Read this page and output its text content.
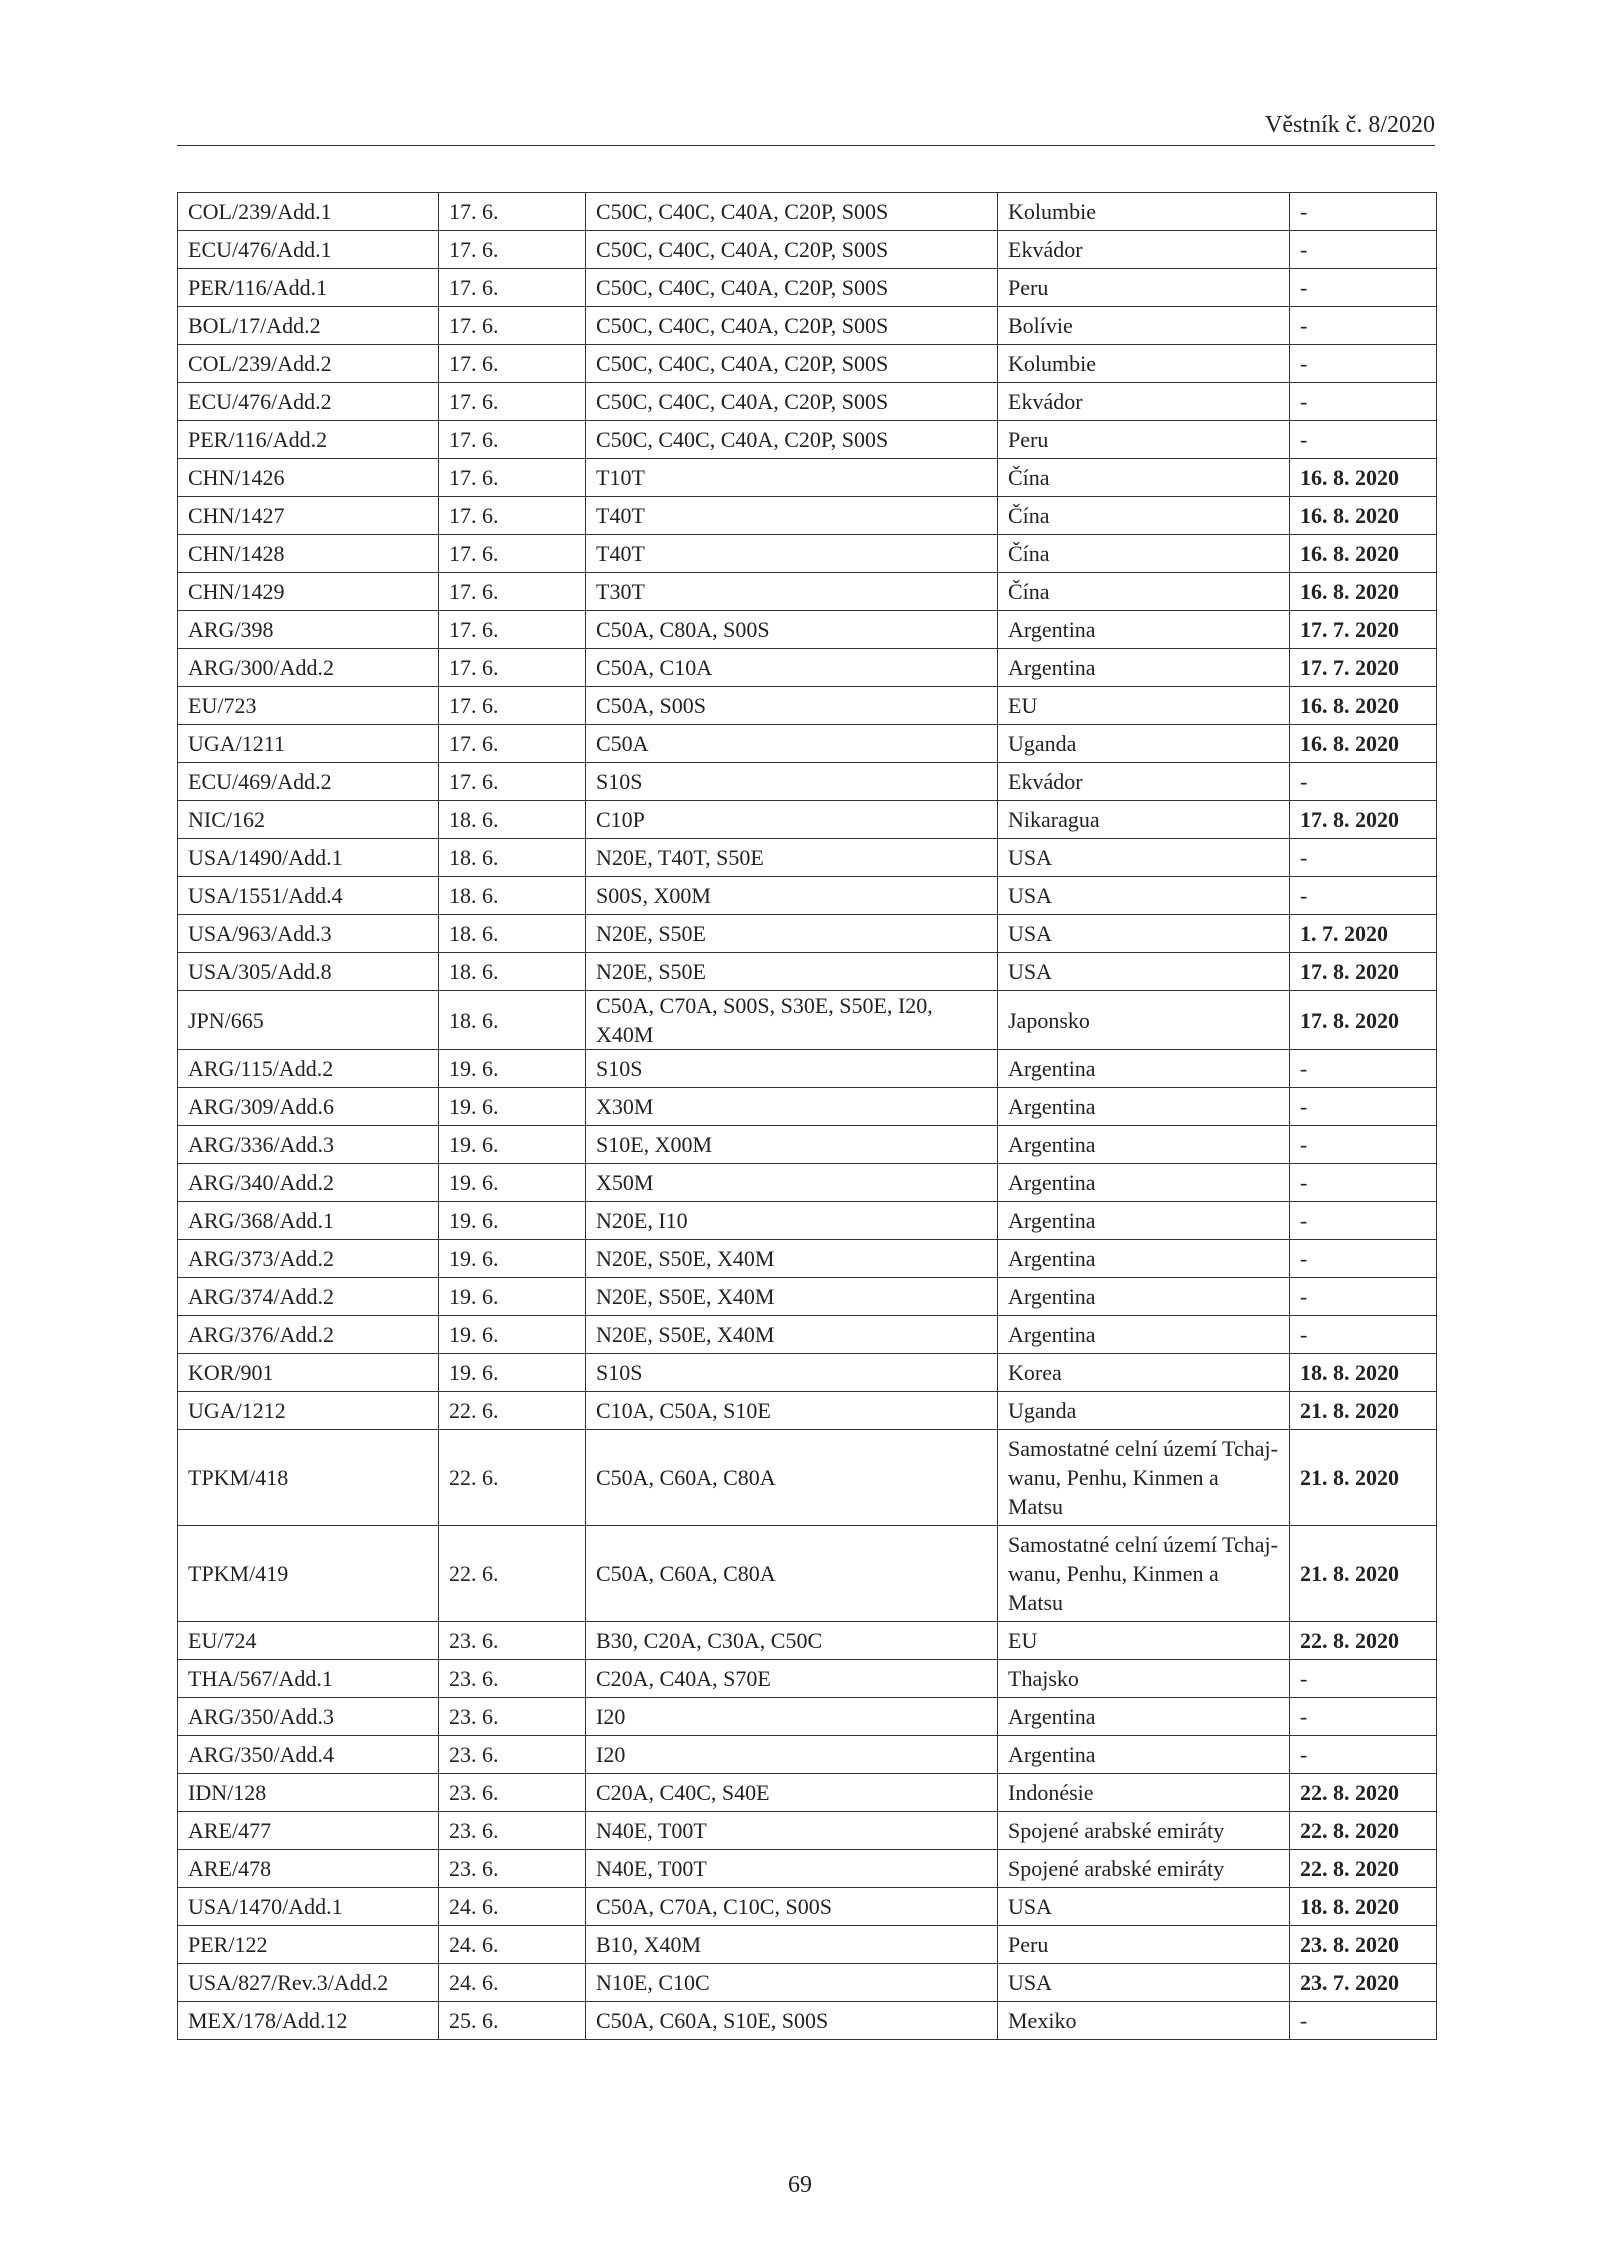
Věstník č. 8/2020
COL/239/Add.1	17. 6.	C50C, C40C, C40A, C20P, S00S	Kolumbie	-
ECU/476/Add.1	17. 6.	C50C, C40C, C40A, C20P, S00S	Ekvádor	-
PER/116/Add.1	17. 6.	C50C, C40C, C40A, C20P, S00S	Peru	-
BOL/17/Add.2	17. 6.	C50C, C40C, C40A, C20P, S00S	Bolívie	-
COL/239/Add.2	17. 6.	C50C, C40C, C40A, C20P, S00S	Kolumbie	-
ECU/476/Add.2	17. 6.	C50C, C40C, C40A, C20P, S00S	Ekvádor	-
PER/116/Add.2	17. 6.	C50C, C40C, C40A, C20P, S00S	Peru	-
CHN/1426	17. 6.	T10T	Čína	16. 8. 2020
CHN/1427	17. 6.	T40T	Čína	16. 8. 2020
CHN/1428	17. 6.	T40T	Čína	16. 8. 2020
CHN/1429	17. 6.	T30T	Čína	16. 8. 2020
ARG/398	17. 6.	C50A, C80A, S00S	Argentina	17. 7. 2020
ARG/300/Add.2	17. 6.	C50A, C10A	Argentina	17. 7. 2020
EU/723	17. 6.	C50A, S00S	EU	16. 8. 2020
UGA/1211	17. 6.	C50A	Uganda	16. 8. 2020
ECU/469/Add.2	17. 6.	S10S	Ekvádor	-
NIC/162	18. 6.	C10P	Nikaragua	17. 8. 2020
USA/1490/Add.1	18. 6.	N20E, T40T, S50E	USA	-
USA/1551/Add.4	18. 6.	S00S, X00M	USA	-
USA/963/Add.3	18. 6.	N20E, S50E	USA	1. 7. 2020
USA/305/Add.8	18. 6.	N20E, S50E	USA	17. 8. 2020
JPN/665	18. 6.	C50A, C70A, S00S, S30E, S50E, I20, X40M	Japonsko	17. 8. 2020
ARG/115/Add.2	19. 6.	S10S	Argentina	-
ARG/309/Add.6	19. 6.	X30M	Argentina	-
ARG/336/Add.3	19. 6.	S10E, X00M	Argentina	-
ARG/340/Add.2	19. 6.	X50M	Argentina	-
ARG/368/Add.1	19. 6.	N20E, I10	Argentina	-
ARG/373/Add.2	19. 6.	N20E, S50E, X40M	Argentina	-
ARG/374/Add.2	19. 6.	N20E, S50E, X40M	Argentina	-
ARG/376/Add.2	19. 6.	N20E, S50E, X40M	Argentina	-
KOR/901	19. 6.	S10S	Korea	18. 8. 2020
UGA/1212	22. 6.	C10A, C50A, S10E	Uganda	21. 8. 2020
TPKM/418	22. 6.	C50A, C60A, C80A	Samostatné celní území Tchaj-wanu, Penhu, Kinmen a Matsu	21. 8. 2020
TPKM/419	22. 6.	C50A, C60A, C80A	Samostatné celní území Tchaj-wanu, Penhu, Kinmen a Matsu	21. 8. 2020
EU/724	23. 6.	B30, C20A, C30A, C50C	EU	22. 8. 2020
THA/567/Add.1	23. 6.	C20A, C40A, S70E	Thajsko	-
ARG/350/Add.3	23. 6.	I20	Argentina	-
ARG/350/Add.4	23. 6.	I20	Argentina	-
IDN/128	23. 6.	C20A, C40C, S40E	Indonésie	22. 8. 2020
ARE/477	23. 6.	N40E, T00T	Spojené arabské emiráty	22. 8. 2020
ARE/478	23. 6.	N40E, T00T	Spojené arabské emiráty	22. 8. 2020
USA/1470/Add.1	24. 6.	C50A, C70A, C10C, S00S	USA	18. 8. 2020
PER/122	24. 6.	B10, X40M	Peru	23. 8. 2020
USA/827/Rev.3/Add.2	24. 6.	N10E, C10C	USA	23. 7. 2020
MEX/178/Add.12	25. 6.	C50A, C60A, S10E, S00S	Mexiko	-
69
